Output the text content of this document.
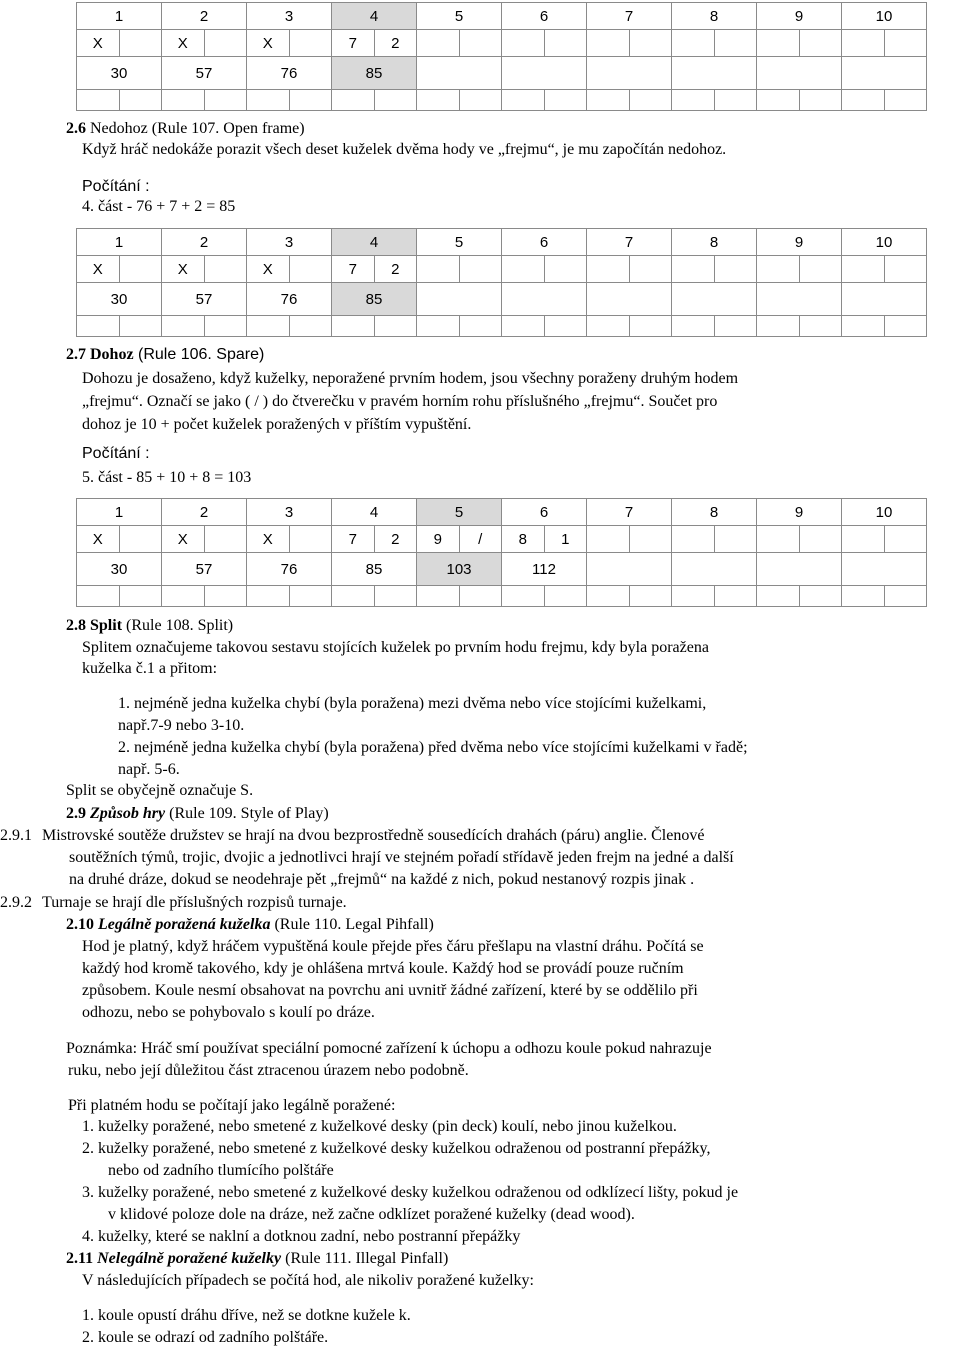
1		2		3		4		5		6		7		8		9		10	
X		X		X		7	2												
30		57		76		85													

2.6 Nedohoz (Rule 107. Open frame)
Když hráč nedokáže porazit všech deset kuželek dvěma hody ve „frejmu“, je mu započítán nedohoz.
Počítání :
4. část - 76 + 7 + 2 = 85
1		2		3		4		5		6		7		8		9		10	
X		X		X		7	2												
30		57		76		85													

2.7 Dohoz (Rule 106. Spare)
Dohozu je dosaženo, když kuželky, neporažené prvním hodem, jsou všechny poraženy druhým hodem
„frejmu“. Označí se jako ( / ) do čtverečku v pravém horním rohu příslušného „frejmu“. Součet pro
dohoz je 10 + počet kuželek poražených v příštím vypuštění.
Počítání :
5. část - 85 + 10 + 8 = 103
1		2		3		4		5		6		7		8		9		10	
X		X		X		7	2	9	/	8	1								
30		57		76		85		103		112									

2.8 Split (Rule 108. Split)
Splitem označujeme takovou sestavu stojících kuželek po prvním hodu frejmu, kdy byla poražena
kuželka č.1 a přitom:
1. nejméně jedna kuželka chybí (byla poražena) mezi dvěma nebo více stojícími kuželkami,
např.7-9 nebo 3-10.
2. nejméně jedna kuželka chybí (byla poražena) před dvěma nebo více stojícími kuželkami v řadě;
např. 5-6.
Split se obyčejně označuje S.
2.9 Způsob hry (Rule 109. Style of Play)
2.9.1 Mistrovské soutěže družstev se hrají na dvou bezprostředně sousedících drahách (páru) anglie. Členové
soutěžních týmů, trojic, dvojic a jednotlivci hrají ve stejném pořadí střídavě jeden frejm na jedné a další
na druhé dráze, dokud se neodehraje pět „frejmů“ na každé z nich, pokud nestanový rozpis jinak .
2.9.2 Turnaje se hrají dle příslušných rozpisů turnaje.
2.10 Legálně poražená kuželka (Rule 110. Legal Pihfall)
Hod je platný, když hráčem vypuštěná koule přejde přes čáru přešlapu na vlastní dráhu. Počítá se
každý hod kromě takového, kdy je ohlášena mrtvá koule. Každý hod se provádí pouze ručním
způsobem. Koule nesmí obsahovat na povrchu ani uvnitř žádné zařízení, které by se oddělilo při
odhozu, nebo se pohybovalo s koulí po dráze.
Poznámka: Hráč smí používat speciální pomocné zařízení k úchopu a odhozu koule pokud nahrazuje
ruku, nebo její důležitou část ztracenou úrazem nebo podobně.
Při platném hodu se počítají jako legálně poražené:
1. kuželky poražené, nebo smetené z kuželkové desky (pin deck) koulí, nebo jinou kuželkou.
2. kuželky poražené, nebo smetené z kuželkové desky kuželkou odraženou od postranní přepážky,
nebo od zadního tlumícího polštáře
3. kuželky poražené, nebo smetené z kuželkové desky kuželkou odraženou od odklízecí lišty, pokud je
v klidové poloze dole na dráze, než začne odklízet poražené kuželky (dead wood).
4. kuželky, které se naklní a dotknou zadní, nebo postranní přepážky
2.11 Nelegálně poražené kuželky (Rule 111. Illegal Pinfall)
V následujících případech se počítá hod, ale nikoliv poražené kuželky:
1. koule opustí dráhu dříve, než se dotkne kužele k.
2. koule se odrazí od zadního polštáře.
